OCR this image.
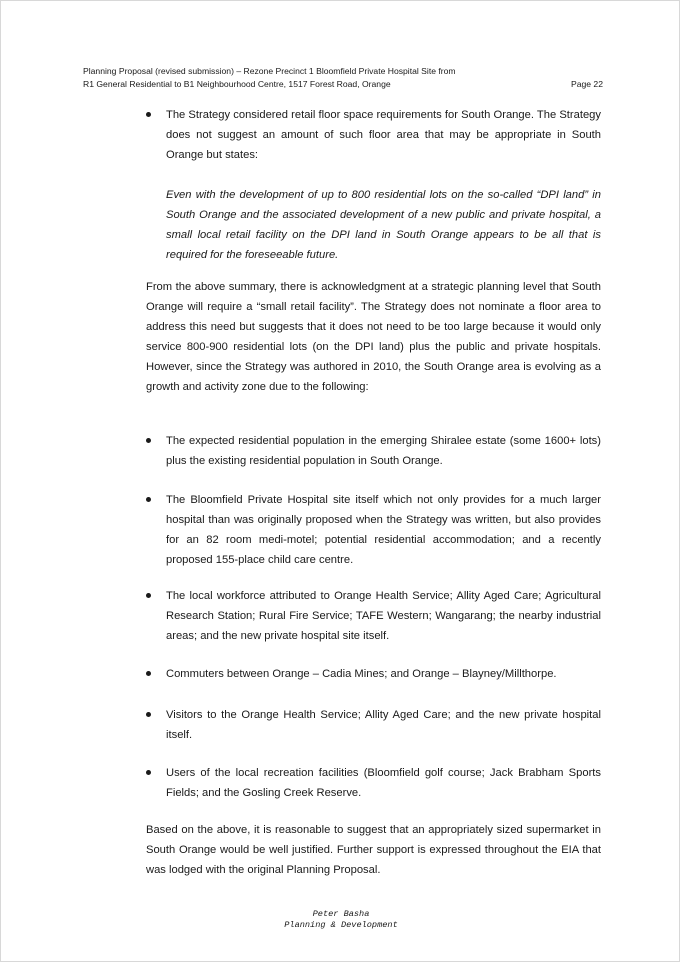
Planning Proposal (revised submission) – Rezone Precinct 1 Bloomfield Private Hospital Site from
R1 General Residential to B1 Neighbourhood Centre, 1517 Forest Road, Orange	Page 22
The Strategy considered retail floor space requirements for South Orange. The Strategy does not suggest an amount of such floor area that may be appropriate in South Orange but states:
Even with the development of up to 800 residential lots on the so-called “DPI land” in South Orange and the associated development of a new public and private hospital, a small local retail facility on the DPI land in South Orange appears to be all that is required for the foreseeable future.
From the above summary, there is acknowledgment at a strategic planning level that South Orange will require a “small retail facility”. The Strategy does not nominate a floor area to address this need but suggests that it does not need to be too large because it would only service 800-900 residential lots (on the DPI land) plus the public and private hospitals. However, since the Strategy was authored in 2010, the South Orange area is evolving as a growth and activity zone due to the following:
The expected residential population in the emerging Shiralee estate (some 1600+ lots) plus the existing residential population in South Orange.
The Bloomfield Private Hospital site itself which not only provides for a much larger hospital than was originally proposed when the Strategy was written, but also provides for an 82 room medi-motel; potential residential accommodation; and a recently proposed 155-place child care centre.
The local workforce attributed to Orange Health Service; Allity Aged Care; Agricultural Research Station; Rural Fire Service; TAFE Western; Wangarang; the nearby industrial areas; and the new private hospital site itself.
Commuters between Orange – Cadia Mines; and Orange – Blayney/Millthorpe.
Visitors to the Orange Health Service; Allity Aged Care; and the new private hospital itself.
Users of the local recreation facilities (Bloomfield golf course; Jack Brabham Sports Fields; and the Gosling Creek Reserve.
Based on the above, it is reasonable to suggest that an appropriately sized supermarket in South Orange would be well justified. Further support is expressed throughout the EIA that was lodged with the original Planning Proposal.
Peter Basha
Planning & Development
